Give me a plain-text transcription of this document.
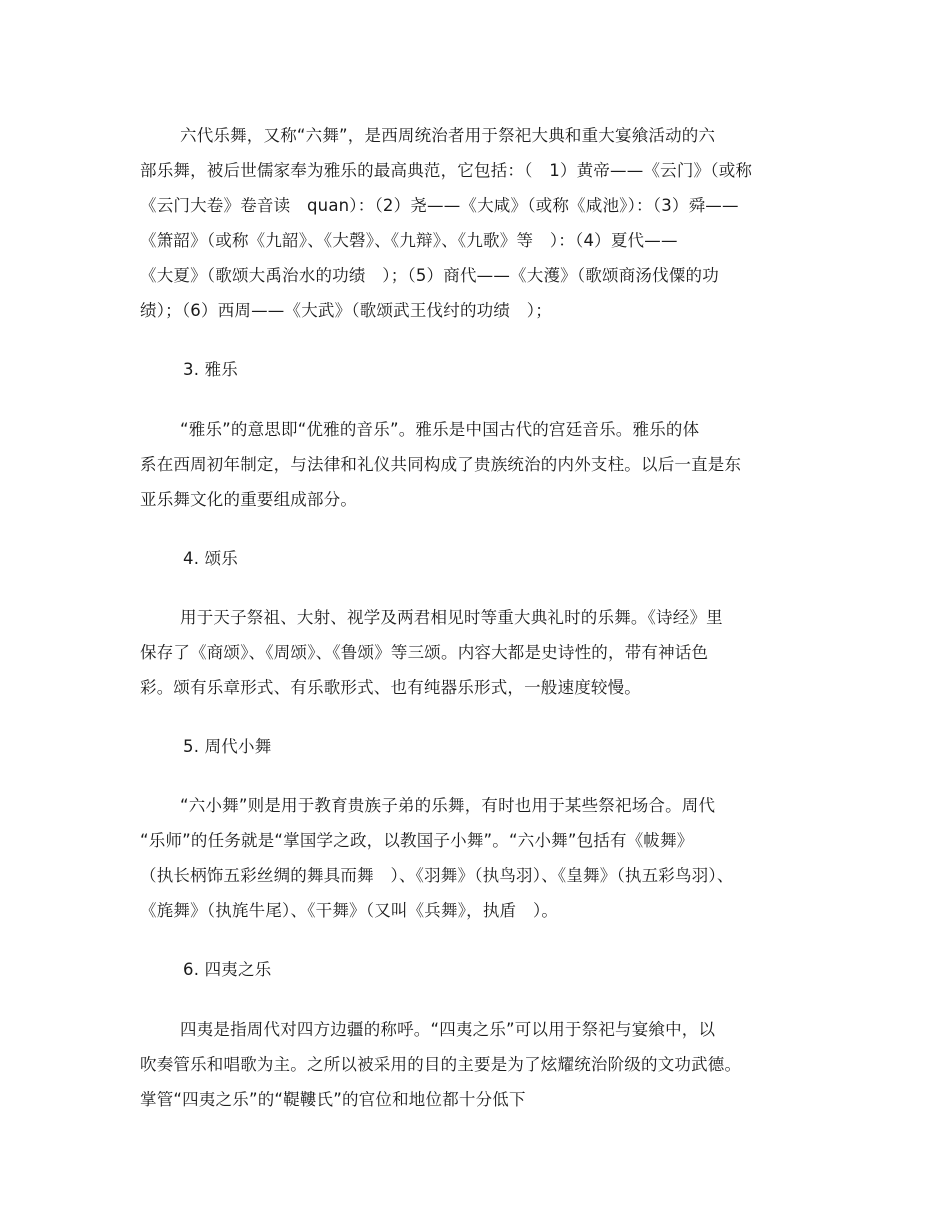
六代乐舞，又称“六舞”，是西周统治者用于祭祀大典和重大宴飨活动的六
部乐舞，被后世儒家奉为雅乐的最高典范，它包括：（　1）黄帝——《云门》（或称
《云门大卷》卷音读　quan）：（2）尧——《大咸》（或称《咸池》）：（3）舜——
《箫韶》（或称《九韶》、《大磬》、《九辩》、《九歌》等　）：（4）夏代——
《大夏》（歌颂大禹治水的功绩　）；（5）商代——《大濩》（歌颂商汤伐僳的功
绩）；（6）西周——《大武》（歌颂武王伐纣的功绩　）；
3. 雅乐
“雅乐”的意思即“优雅的音乐”。雅乐是中国古代的宫廷音乐。雅乐的体
系在西周初年制定，与法律和礼仪共同构成了贵族统治的内外支柱。以后一直是东
亚乐舞文化的重要组成部分。
4. 颂乐
用于天子祭祖、大射、视学及两君相见时等重大典礼时的乐舞。《诗经》里
保存了《商颂》、《周颂》、《鲁颂》等三颂。内容大都是史诗性的，带有神话色
彩。颂有乐章形式、有乐歌形式、也有纯器乐形式，一般速度较慢。
5. 周代小舞
“六小舞”则是用于教育贵族子弟的乐舞，有时也用于某些祭祀场合。周代
“乐师”的任务就是“掌国学之政，以教国子小舞”。“六小舞”包括有《帗舞》
（执长柄饰五彩丝绸的舞具而舞　）、《羽舞》（执鸟羽）、《皇舞》（执五彩鸟羽）、
《旄舞》（执旄牛尾）、《干舞》（又叫《兵舞》，执盾　）。
6. 四夷之乐
四夷是指周代对四方边疆的称呼。“四夷之乐”可以用于祭祀与宴飨中，以
吹奏管乐和唱歌为主。之所以被采用的目的主要是为了炫耀统治阶级的文功武德。
掌管“四夷之乐”的“鞮鞻氏”的官位和地位都十分低下
